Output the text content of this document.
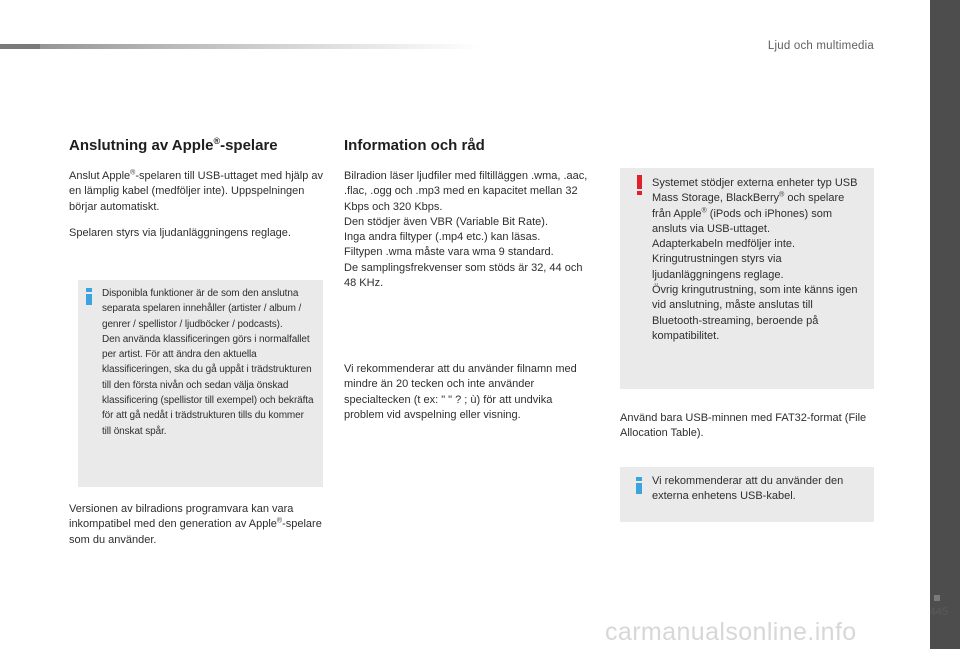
Ljud och multimedia
Anslutning av Apple®-spelare

Anslut Apple®-spelaren till USB-uttaget med hjälp av en lämplig kabel (medföljer inte). Uppspelningen börjar automatiskt.

Spelaren styrs via ljudanläggningens reglage.

Disponibla funktioner är de som den anslutna separata spelaren innehåller (artister / album / genrer / spellistor / ljudböcker / podcasts).
Den använda klassificeringen görs i normalfallet per artist. För att ändra den aktuella klassificeringen, ska du gå uppåt i trädstrukturen till den första nivån och sedan välja önskad klassificering (spellistor till exempel) och bekräfta för att gå nedåt i trädstrukturen tills du kommer till önskat spår.

Versionen av bilradions programvara kan vara inkompatibel med den generation av Apple®-spelare som du använder.

Information och råd

Bilradion läser ljudfiler med filtilläggen .wma, .aac, .flac, .ogg och .mp3 med en kapacitet mellan 32 Kbps och 320 Kbps.
Den stödjer även VBR (Variable Bit Rate).
Inga andra filtyper (.mp4 etc.) kan läsas.
Filtypen .wma måste vara wma 9 standard.
De samplingsfrekvenser som stöds är 32, 44 och 48 KHz.

Vi rekommenderar att du använder filnamn med mindre än 20 tecken och inte använder specialtecken (t ex: " " ? ; ù) för att undvika problem vid avspelning eller visning.

Systemet stödjer externa enheter typ USB Mass Storage, BlackBerry® och spelare från Apple® (iPods och iPhones) som ansluts via USB-uttaget.
Adapterkabeln medföljer inte.
Kringutrustningen styrs via ljudanläggningens reglage.
Övrig kringutrustning, som inte känns igen vid anslutning, måste anslutas till Bluetooth-streaming, beroende på kompatibilitet.

Använd bara USB-minnen med FAT32-format (File Allocation Table).

Vi rekommenderar att du använder den externa enhetens USB-kabel.
445
carmanualsonline.info
